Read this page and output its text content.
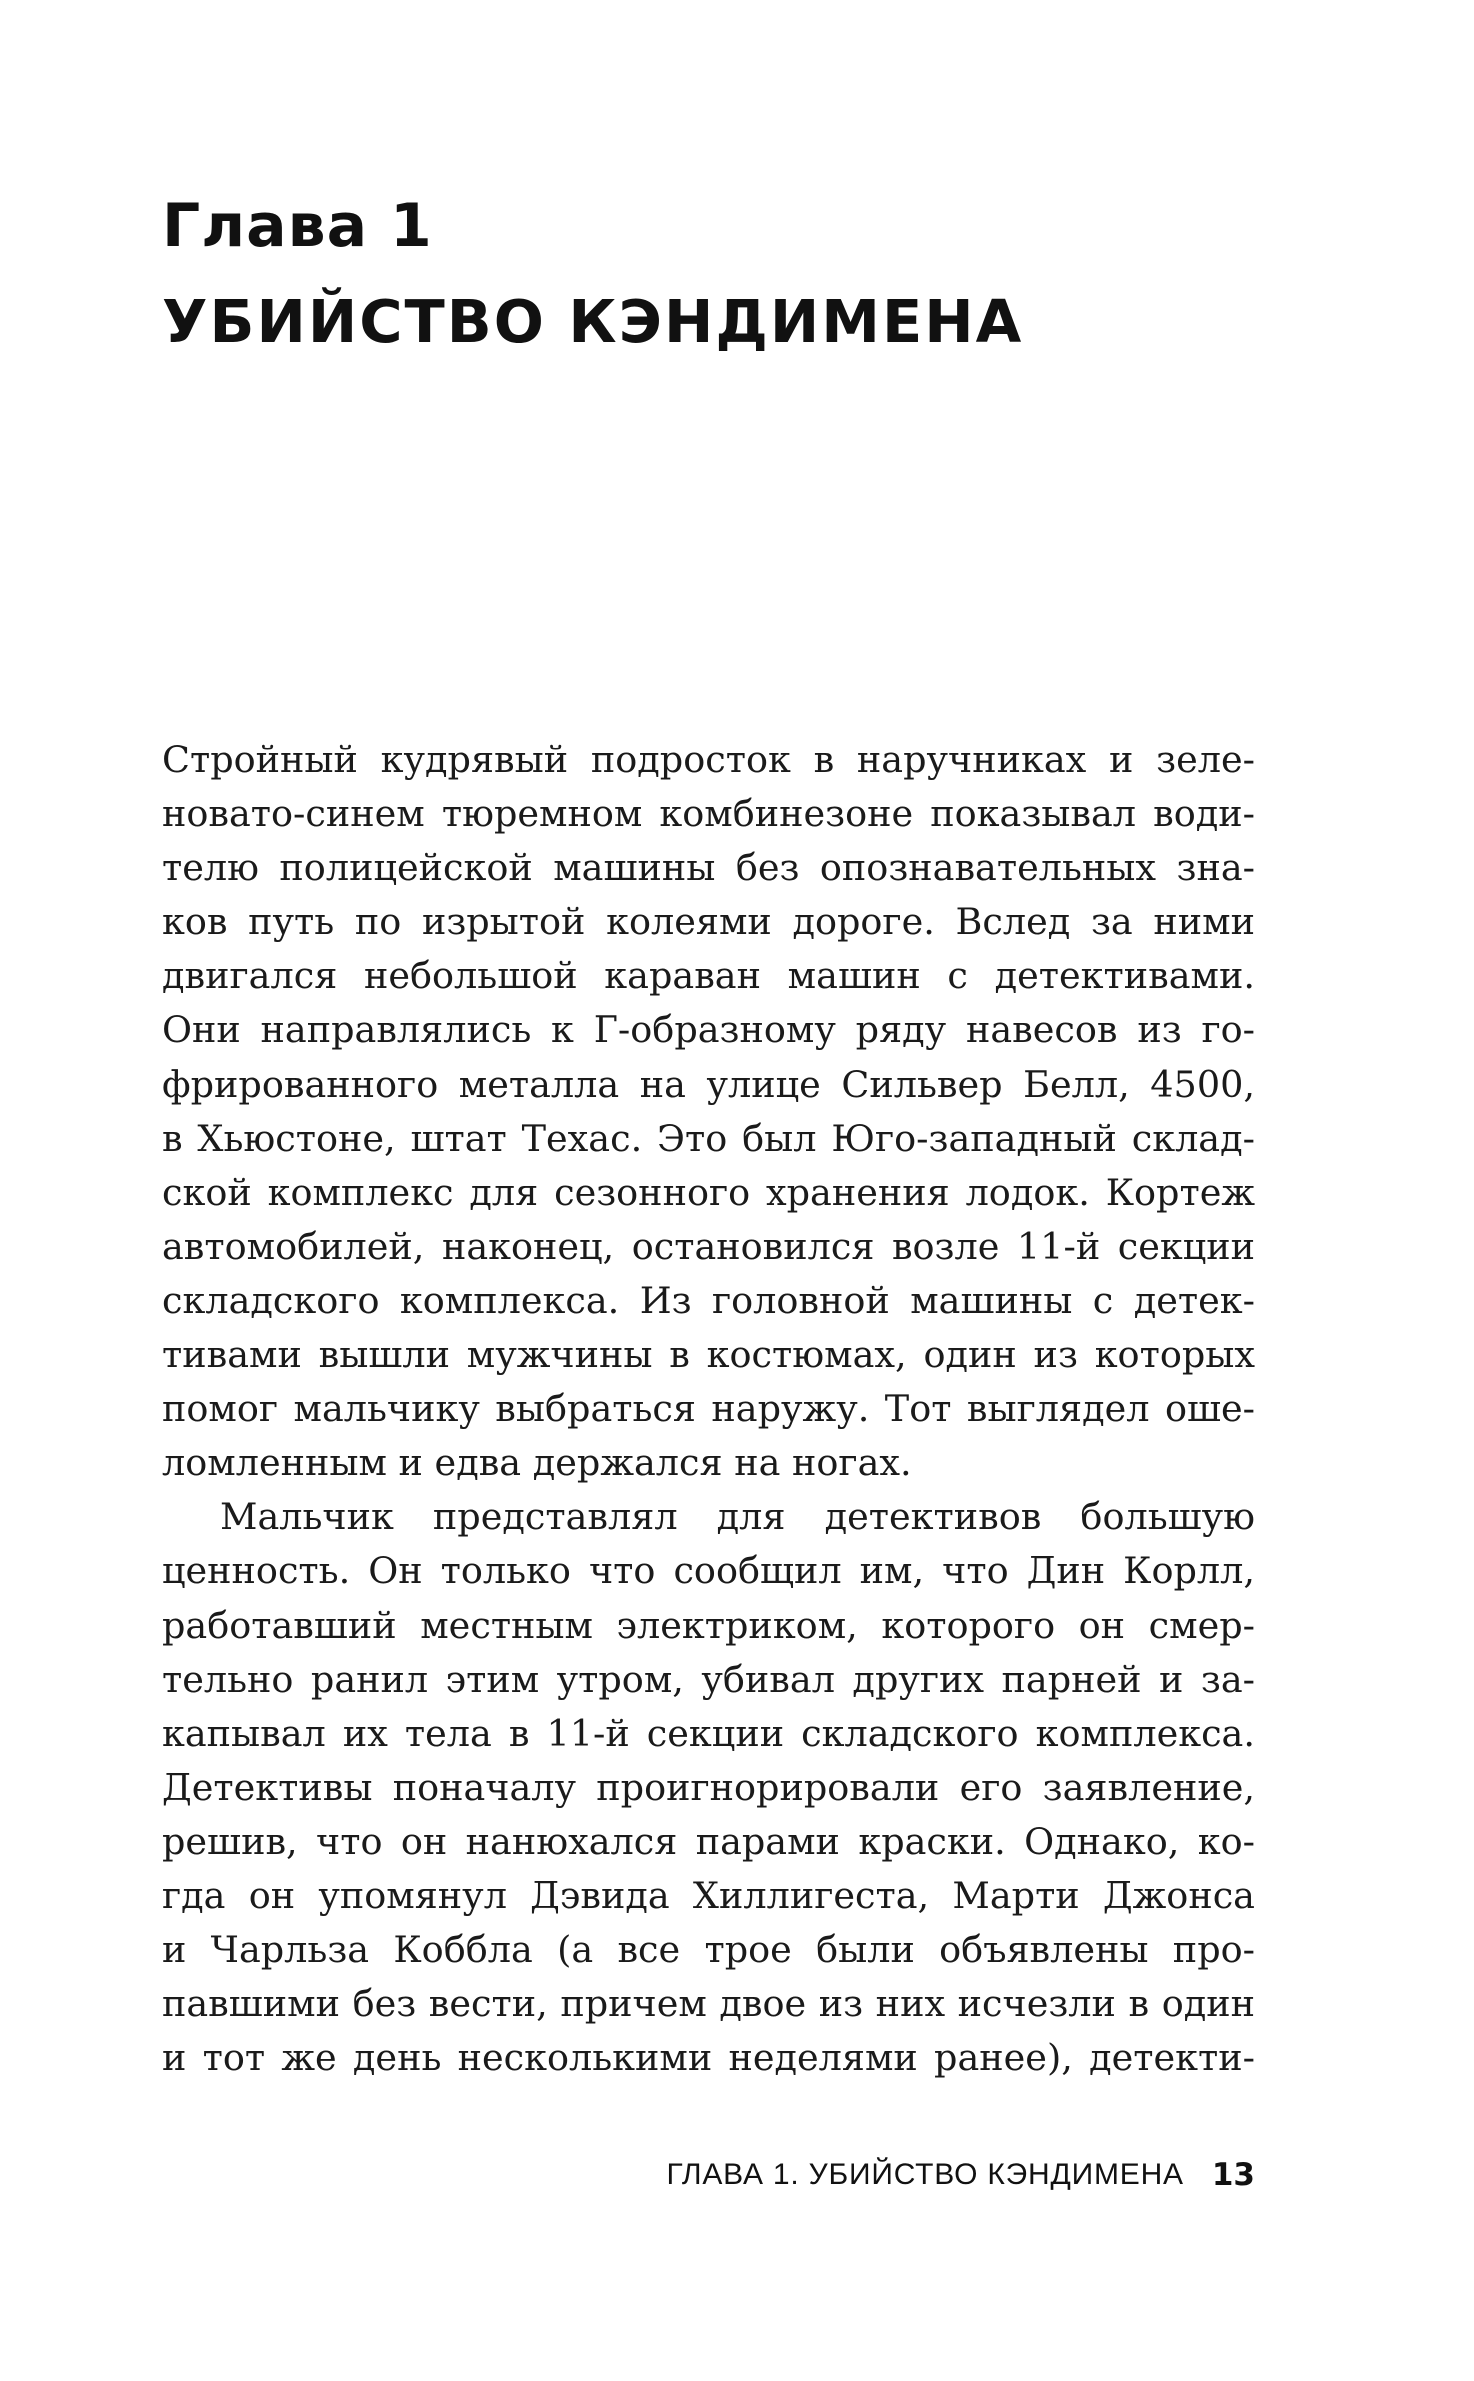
Глава 1
УБИЙСТВО КЭНДИМЕНА
Стройный кудрявый подросток в наручниках и зеле-
новато-синем тюремном комбинезоне показывал води-
телю полицейской машины без опознавательных зна-
ков путь по изрытой колеями дороге. Вслед за ними
двигался небольшой караван машин с детективами.
Они направлялись к Г-образному ряду навесов из го-
фрированного металла на улице Сильвер Белл, 4500,
в Хьюстоне, штат Техас. Это был Юго-западный склад-
ской комплекс для сезонного хранения лодок. Кортеж
автомобилей, наконец, остановился возле 11-й секции
складского комплекса. Из головной машины с детек-
тивами вышли мужчины в костюмах, один из которых
помог мальчику выбраться наружу. Тот выглядел оше-
ломленным и едва держался на ногах.
Мальчик представлял для детективов большую
ценность. Он только что сообщил им, что Дин Корлл,
работавший местным электриком, которого он смер-
тельно ранил этим утром, убивал других парней и за-
капывал их тела в 11-й секции складского комплекса.
Детективы поначалу проигнорировали его заявление,
решив, что он нанюхался парами краски. Однако, ко-
гда он упомянул Дэвида Хиллигеста, Марти Джонса
и Чарльза Коббла (а все трое были объявлены про-
павшими без вести, причем двое из них исчезли в один
и тот же день несколькими неделями ранее), детекти-
ГЛАВА 1. УБИЙСТВО КЭНДИМЕНА 13
